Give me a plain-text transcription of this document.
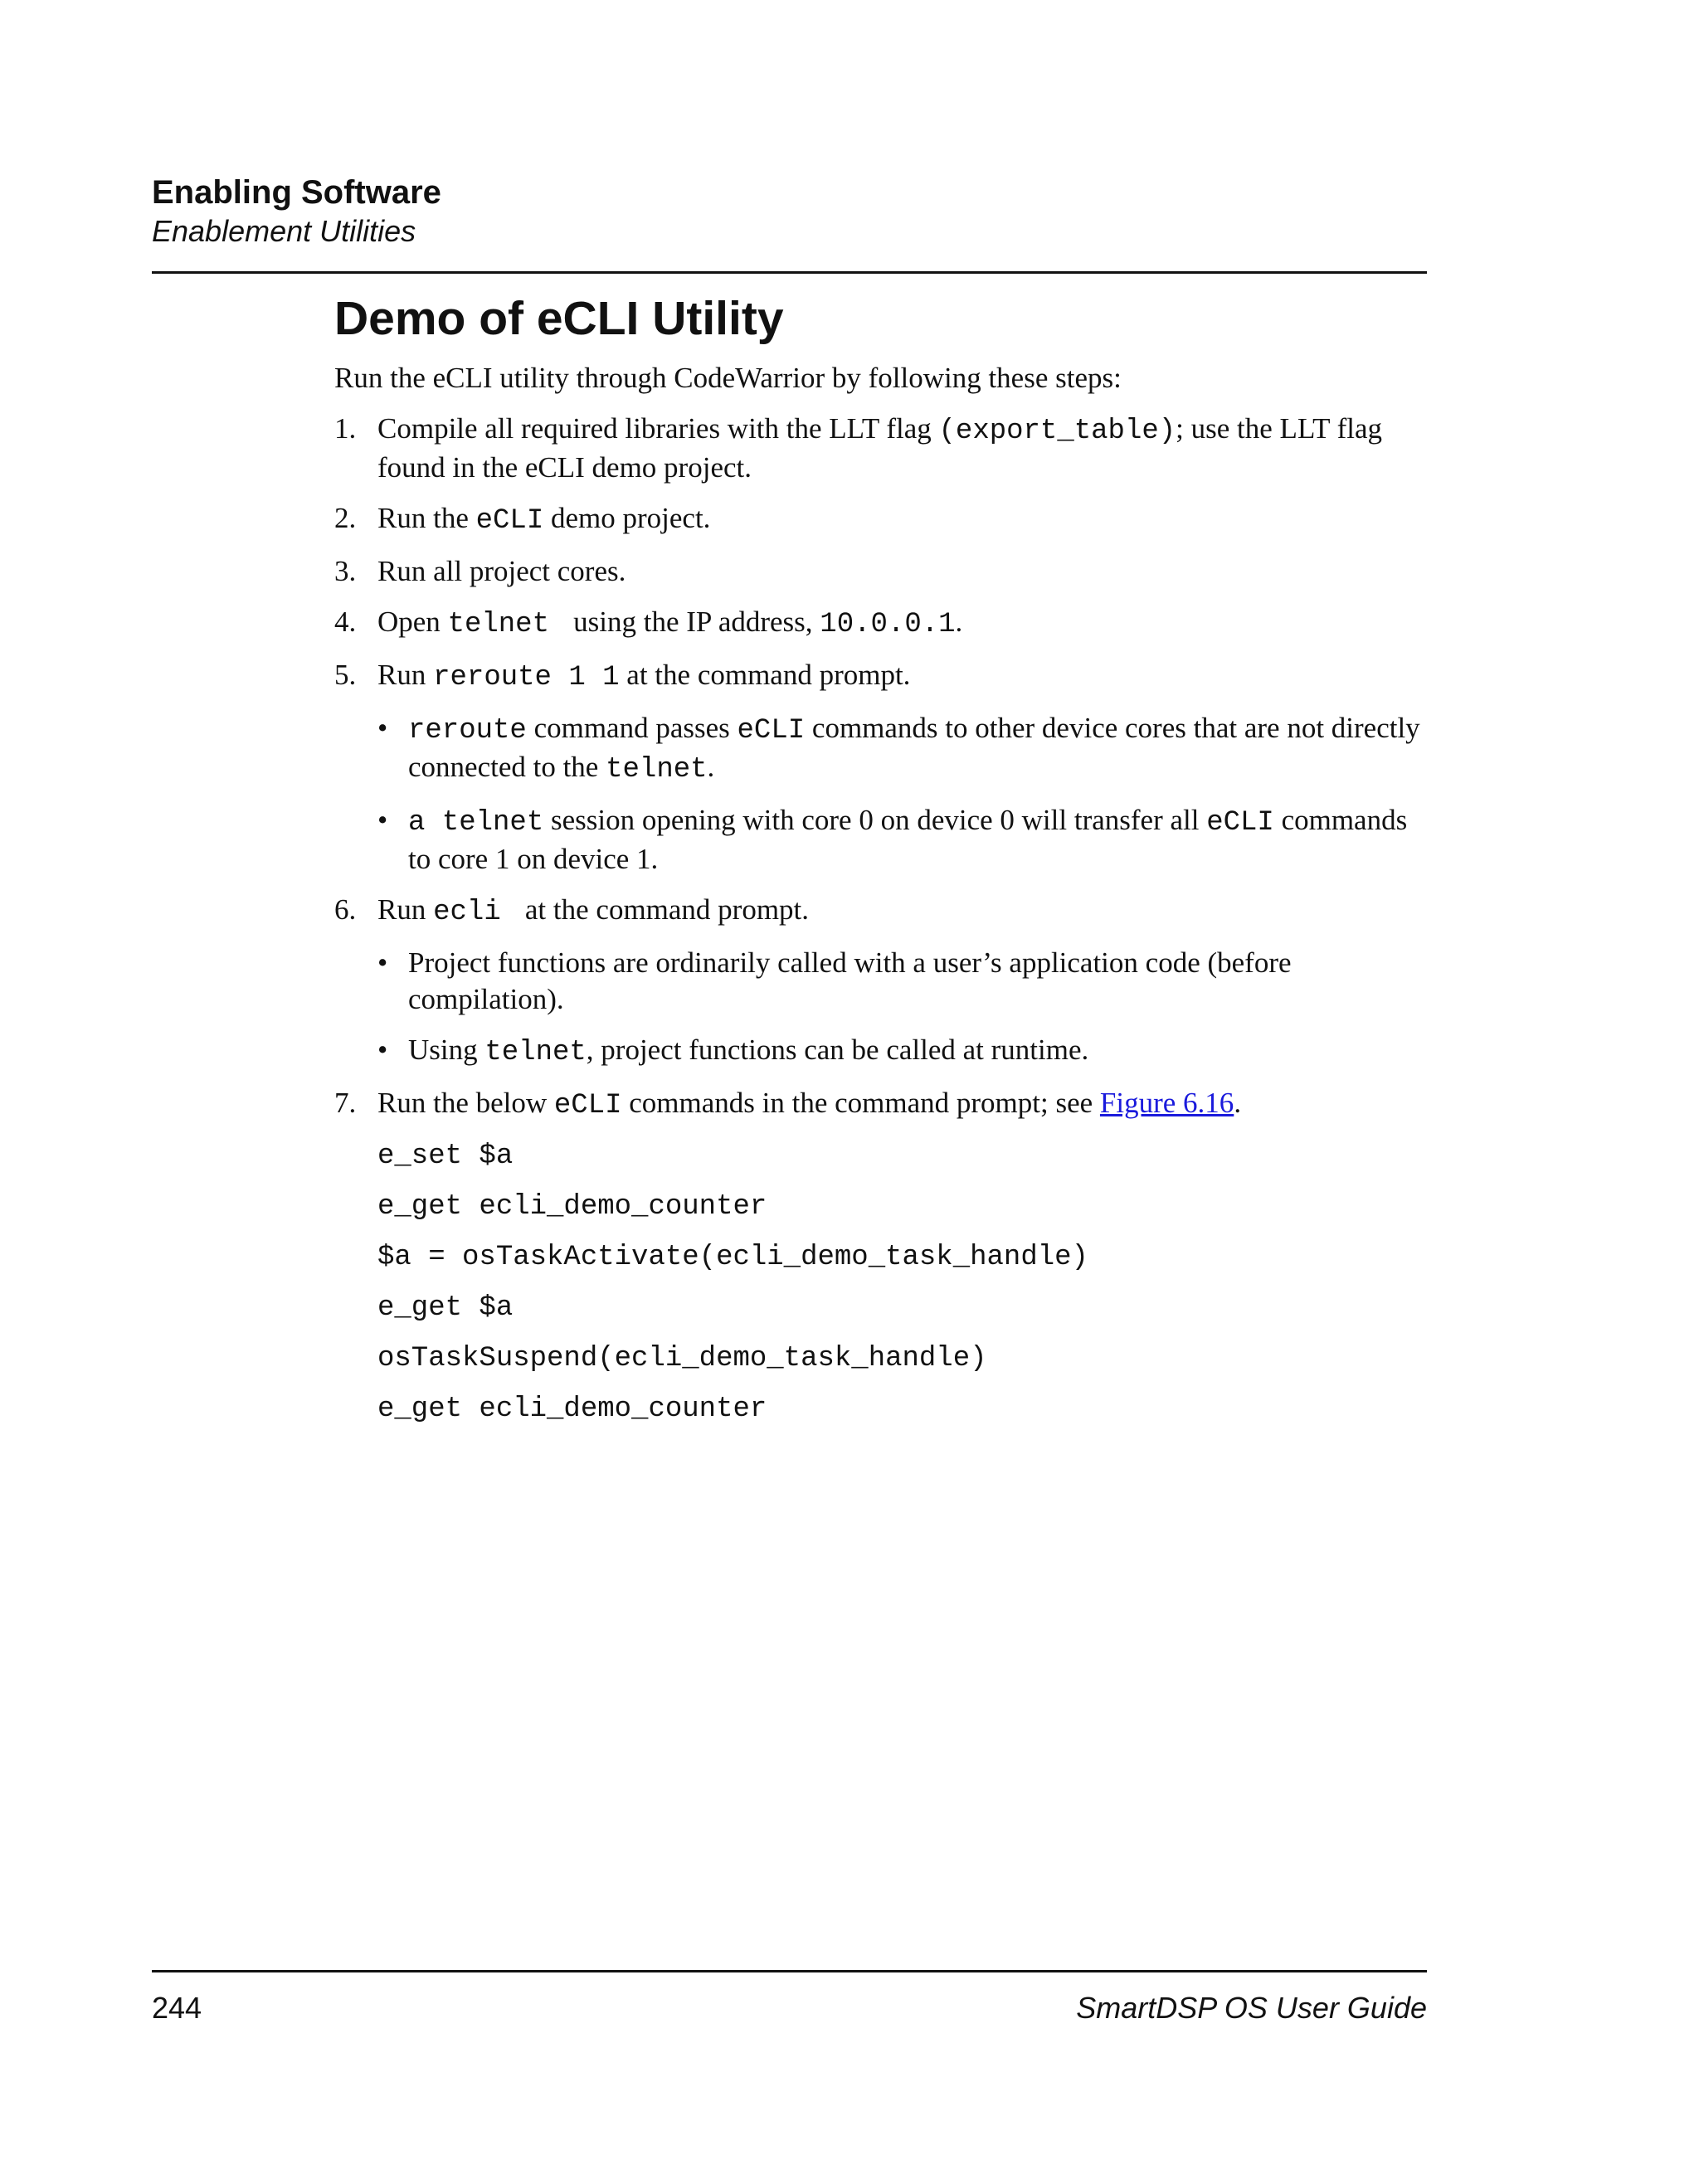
Enabling Software
Enablement Utilities
Demo of eCLI Utility

Run the eCLI utility through CodeWarrior by following these steps:

1. Compile all required libraries with the LLT flag (export_table); use the LLT flag found in the eCLI demo project.
2. Run the eCLI demo project.
3. Run all project cores.
4. Open telnet  using the IP address, 10.0.0.1.
5. Run reroute 1 1 at the command prompt.
• reroute command passes eCLI commands to other device cores that are not directly connected to the telnet.
• a telnet session opening with core 0 on device 0 will transfer all eCLI commands to core 1 on device 1.
6. Run ecli  at the command prompt.
• Project functions are ordinarily called with a user’s application code (before compilation).
• Using telnet, project functions can be called at runtime.
7. Run the below eCLI commands in the command prompt; see Figure 6.16.
e_set $a
e_get ecli_demo_counter
$a = osTaskActivate(ecli_demo_task_handle)
e_get $a
osTaskSuspend(ecli_demo_task_handle)
e_get ecli_demo_counter
244	SmartDSP OS User Guide
